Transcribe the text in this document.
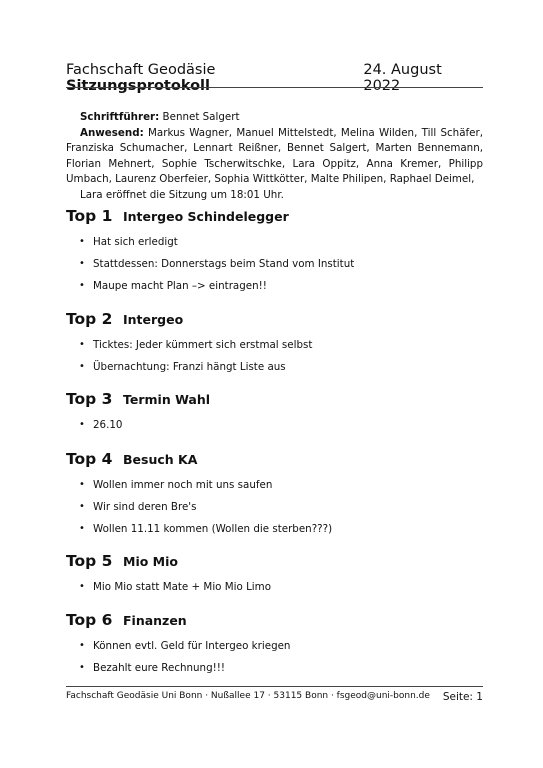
Fachschaft Geodäsie Sitzungsprotokoll
24. August 2022
Schriftführer: Bennet Salgert
Anwesend: Markus Wagner, Manuel Mittelstedt, Melina Wilden, Till Schäfer, Franziska Schumacher, Lennart Reißner, Bennet Salgert, Marten Bennemann, Florian Mehnert, Sophie Tscherwitschke, Lara Oppitz, Anna Kremer, Philipp Umbach, Laurenz Oberfeier, Sophia Wittkötter, Malte Philipen, Raphael Deimel,
Lara eröffnet die Sitzung um 18:01 Uhr.
Top 1 Intergeo Schindelegger
• Hat sich erledigt
• Stattdessen: Donnerstags beim Stand vom Institut
• Maupe macht Plan –> eintragen!!
Top 2 Intergeo
• Ticktes: Jeder kümmert sich erstmal selbst
• Übernachtung: Franzi hängt Liste aus
Top 3 Termin Wahl
• 26.10
Top 4 Besuch KA
• Wollen immer noch mit uns saufen
• Wir sind deren Bre's
• Wollen 11.11 kommen (Wollen die sterben???)
Top 5 Mio Mio
• Mio Mio statt Mate + Mio Mio Limo
Top 6 Finanzen
• Können evtl. Geld für Intergeo kriegen
• Bezahlt eure Rechnung!!!
Fachschaft Geodäsie Uni Bonn · Nußallee 17 · 53115 Bonn · fsgeod@uni-bonn.de Seite: 1
